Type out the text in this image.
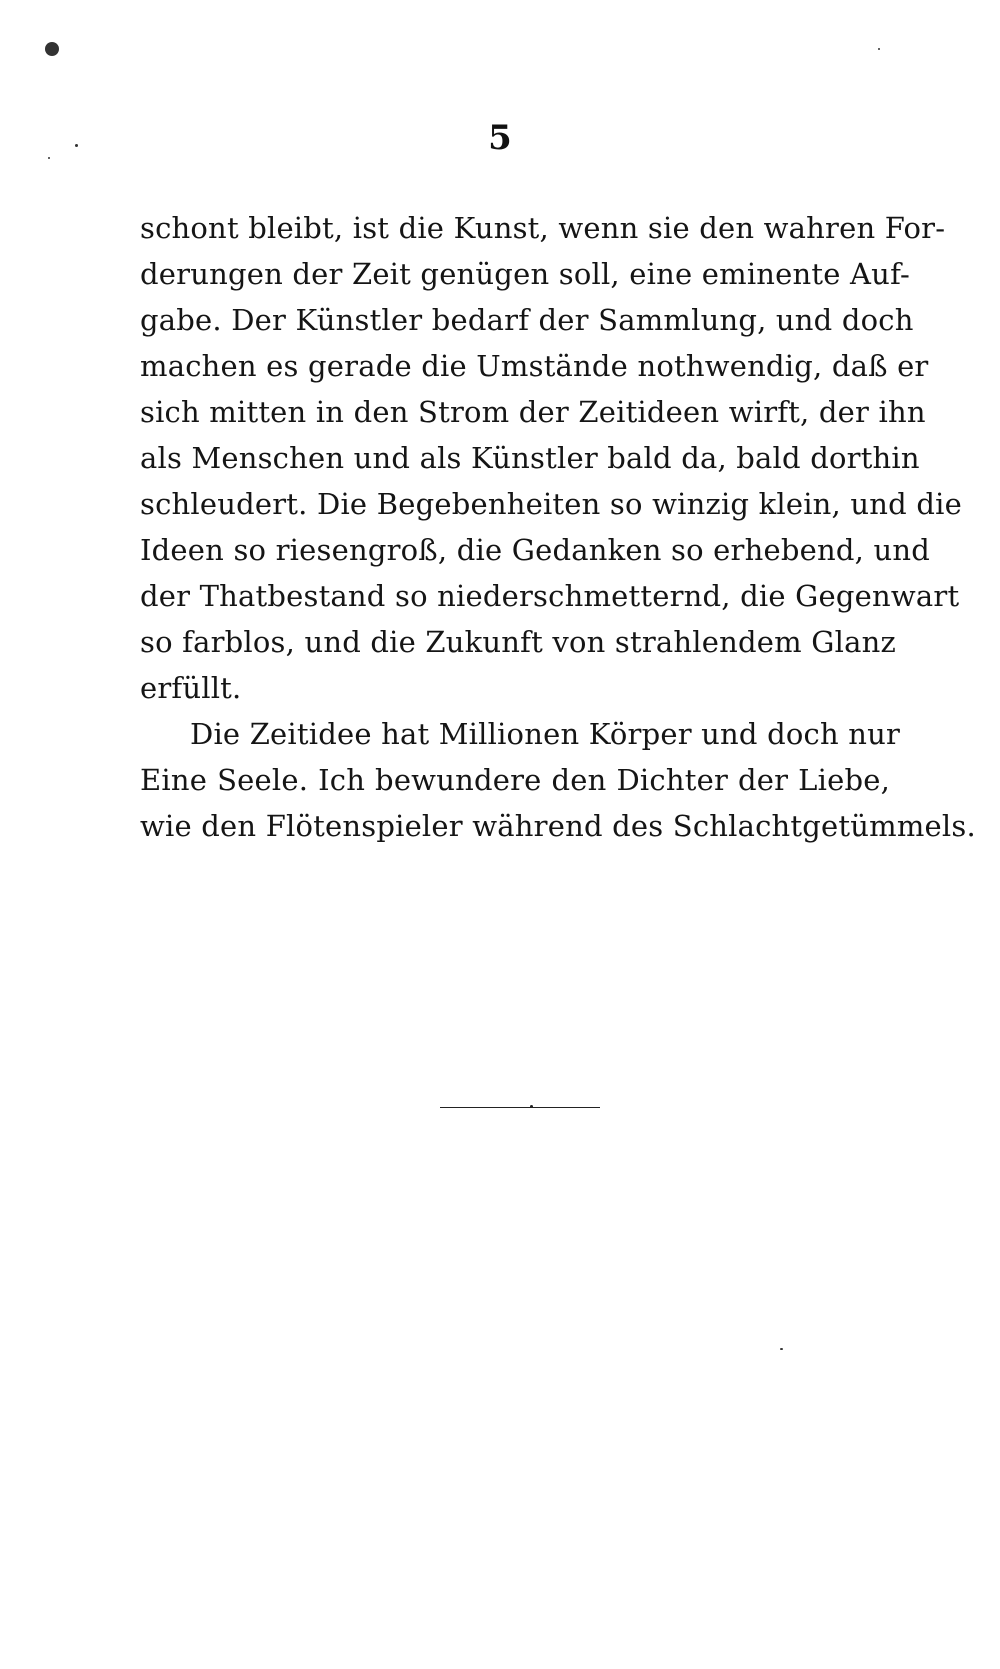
5
schont bleibt, ist die Kunst, wenn sie den wahren For-
derungen der Zeit genügen soll, eine eminente Auf-
gabe. Der Künstler bedarf der Sammlung, und doch
machen es gerade die Umstände nothwendig, daß er
sich mitten in den Strom der Zeitideen wirft, der ihn
als Menschen und als Künstler bald da, bald dorthin
schleudert. Die Begebenheiten so winzig klein, und die
Ideen so riesengroß, die Gedanken so erhebend, und
der Thatbestand so niederschmetternd, die Gegenwart
so farblos, und die Zukunft von strahlendem Glanz
erfüllt.
Die Zeitidee hat Millionen Körper und doch nur
Eine Seele. Ich bewundere den Dichter der Liebe,
wie den Flötenspieler während des Schlachtgetümmels.
